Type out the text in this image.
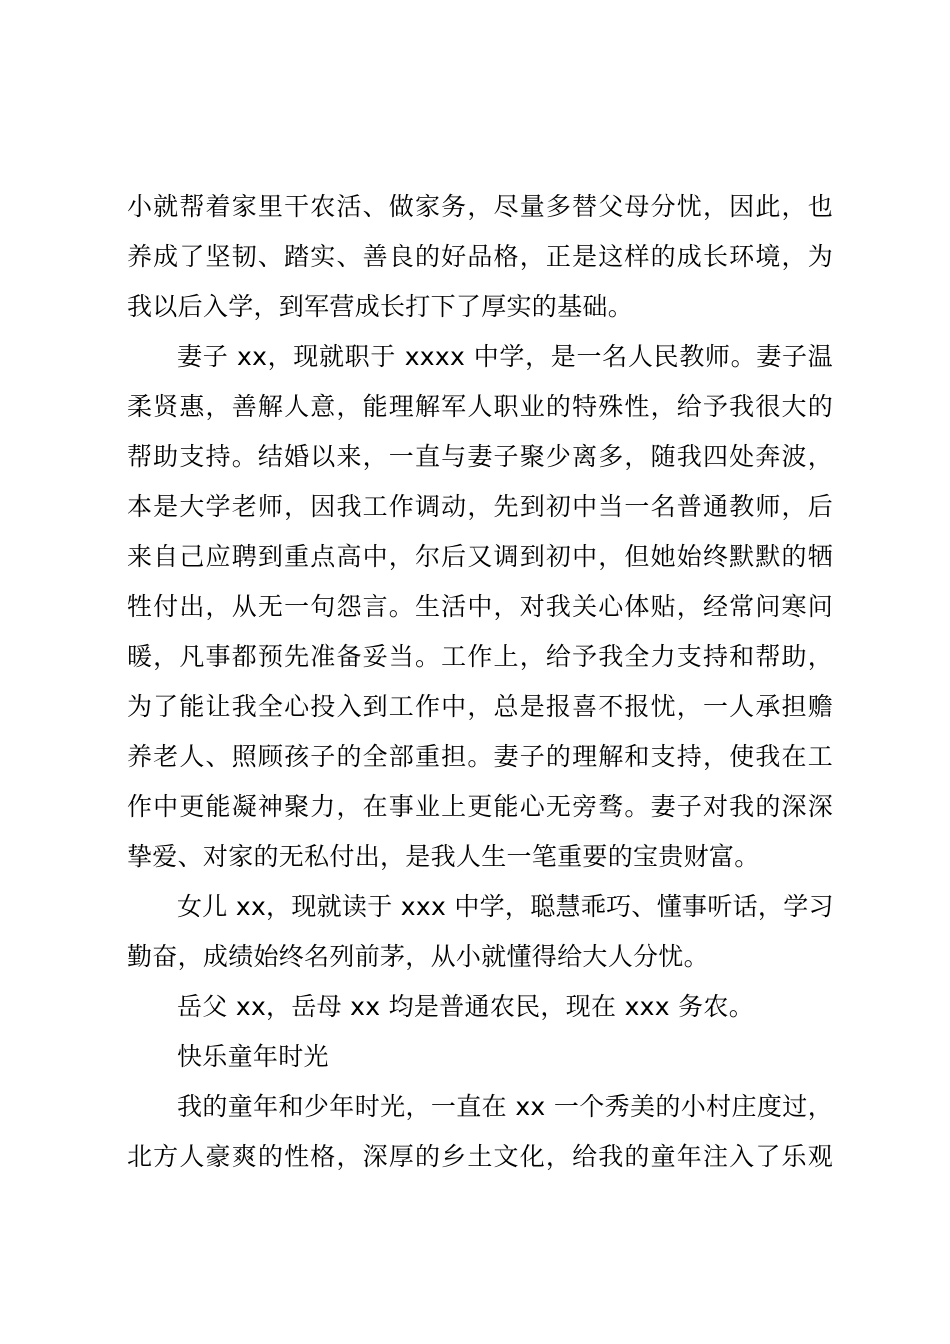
小就帮着家里干农活、做家务，尽量多替父母分忧，因此，也
养成了坚韧、踏实、善良的好品格，正是这样的成长环境，为
我以后入学，到军营成长打下了厚实的基础。
妻子 xx，现就职于 xxxx 中学，是一名人民教师。妻子温
柔贤惠，善解人意，能理解军人职业的特殊性，给予我很大的
帮助支持。结婚以来，一直与妻子聚少离多，随我四处奔波，
本是大学老师，因我工作调动，先到初中当一名普通教师，后
来自己应聘到重点高中，尔后又调到初中，但她始终默默的牺
牲付出，从无一句怨言。生活中，对我关心体贴，经常问寒问
暖，凡事都预先准备妥当。工作上，给予我全力支持和帮助，
为了能让我全心投入到工作中，总是报喜不报忧，一人承担赡
养老人、照顾孩子的全部重担。妻子的理解和支持，使我在工
作中更能凝神聚力，在事业上更能心无旁骛。妻子对我的深深
挚爱、对家的无私付出，是我人生一笔重要的宝贵财富。
女儿 xx，现就读于 xxx 中学，聪慧乖巧、懂事听话，学习
勤奋，成绩始终名列前茅，从小就懂得给大人分忧。
岳父 xx，岳母 xx 均是普通农民，现在 xxx 务农。
快乐童年时光
我的童年和少年时光，一直在 xx 一个秀美的小村庄度过，
北方人豪爽的性格，深厚的乡土文化，给我的童年注入了乐观
